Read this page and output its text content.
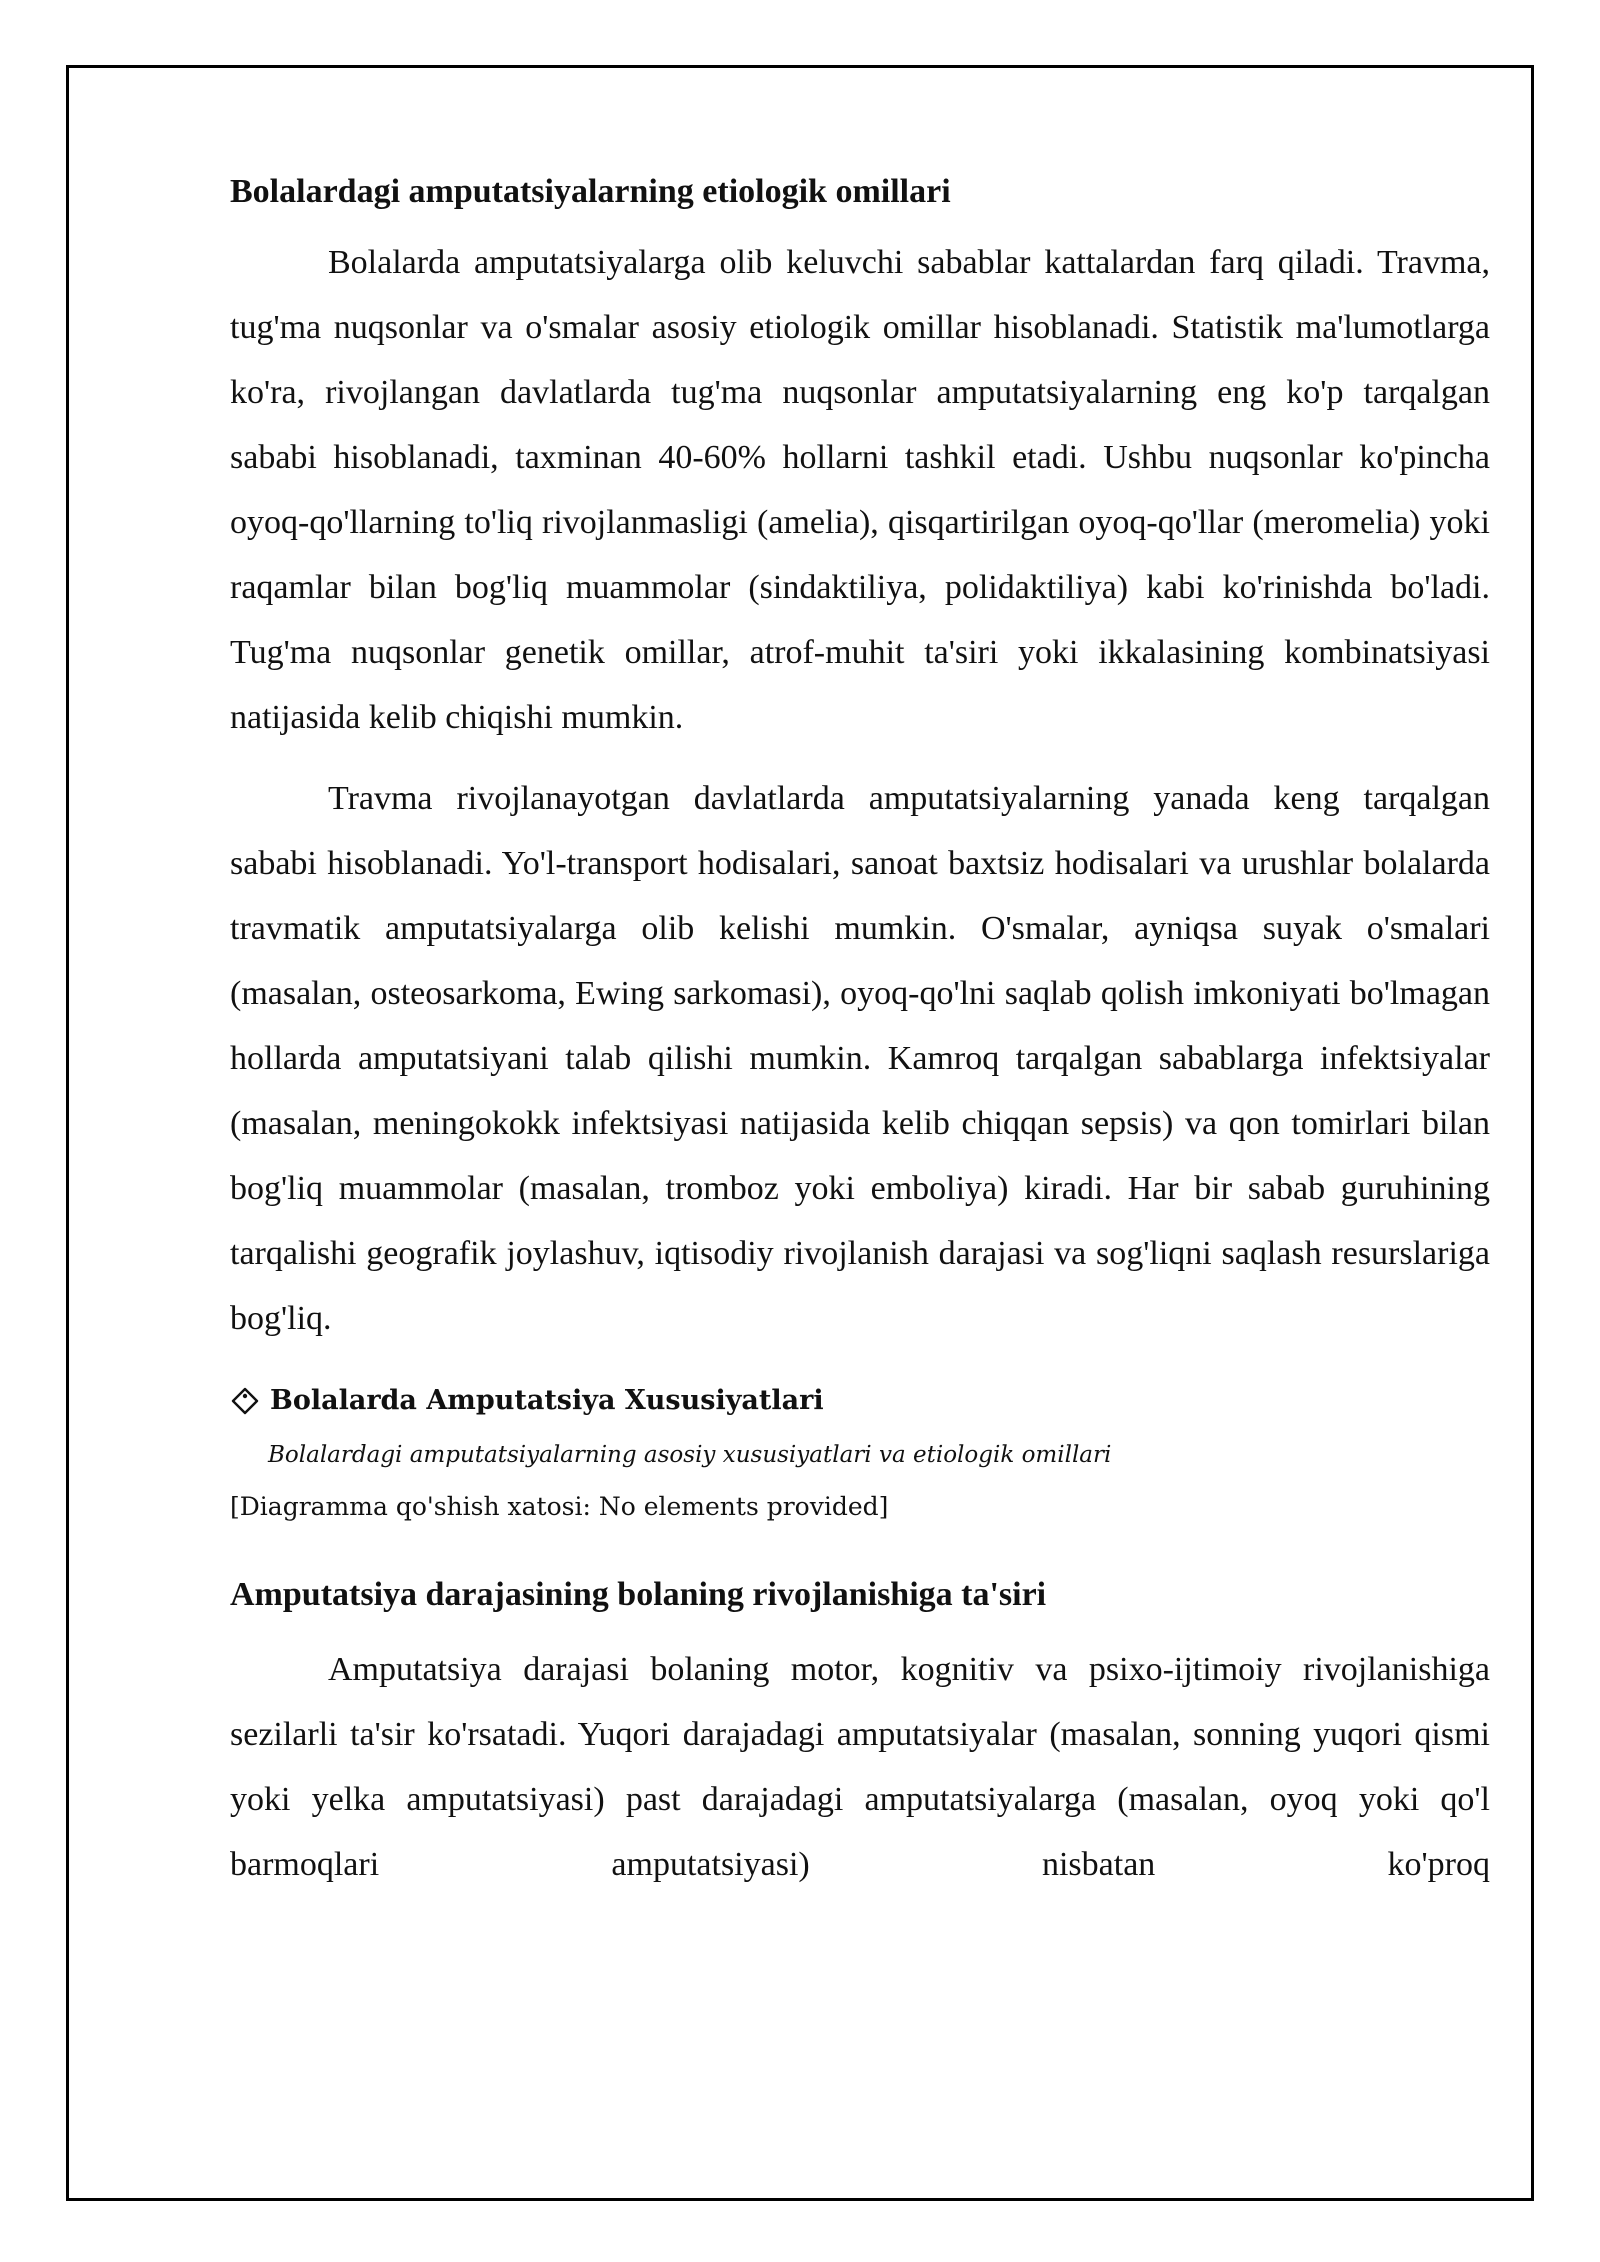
Bolalardagi amputatsiyalarning etiologik omillari

Bolalarda amputatsiyalarga olib keluvchi sabablar kattalardan farq qiladi. Travma, tug'ma nuqsonlar va o'smalar asosiy etiologik omillar hisoblanadi. Statistik ma'lumotlarga ko'ra, rivojlangan davlatlarda tug'ma nuqsonlar amputatsiyalarning eng ko'p tarqalgan sababi hisoblanadi, taxminan 40-60% hollarni tashkil etadi. Ushbu nuqsonlar ko'pincha oyoq-qo'llarning to'liq rivojlanmasligi (amelia), qisqartirilgan oyoq-qo'llar (meromelia) yoki raqamlar bilan bog'liq muammolar (sindaktiliya, polidaktiliya) kabi ko'rinishda bo'ladi. Tug'ma nuqsonlar genetik omillar, atrof-muhit ta'siri yoki ikkalasining kombinatsiyasi natijasida kelib chiqishi mumkin.

Travma rivojlanayotgan davlatlarda amputatsiyalarning yanada keng tarqalgan sababi hisoblanadi. Yo'l-transport hodisalari, sanoat baxtsiz hodisalari va urushlar bolalarda travmatik amputatsiyalarga olib kelishi mumkin. O'smalar, ayniqsa suyak o'smalari (masalan, osteosarkoma, Ewing sarkomasi), oyoq-qo'lni saqlab qolish imkoniyati bo'lmagan hollarda amputatsiyani talab qilishi mumkin. Kamroq tarqalgan sabablarga infektsiyalar (masalan, meningokokk infektsiyasi natijasida kelib chiqqan sepsis) va qon tomirlari bilan bog'liq muammolar (masalan, tromboz yoki emboliya) kiradi. Har bir sabab guruhining tarqalishi geografik joylashuv, iqtisodiy rivojlanish darajasi va sog'liqni saqlash resurslariga bog'liq.

Bolalarda Amputatsiya Xususiyatlari
Bolalardagi amputatsiyalarning asosiy xususiyatlari va etiologik omillari
[Diagramma qo'shish xatosi: No elements provided]
Amputatsiya darajasining bolaning rivojlanishiga ta'siri

Amputatsiya darajasi bolaning motor, kognitiv va psixo-ijtimoiy rivojlanishiga sezilarli ta'sir ko'rsatadi. Yuqori darajadagi amputatsiyalar (masalan, sonning yuqori qismi yoki yelka amputatsiyasi) past darajadagi amputatsiyalarga (masalan, oyoq yoki qo'l barmoqlari amputatsiyasi) nisbatan ko'proq
